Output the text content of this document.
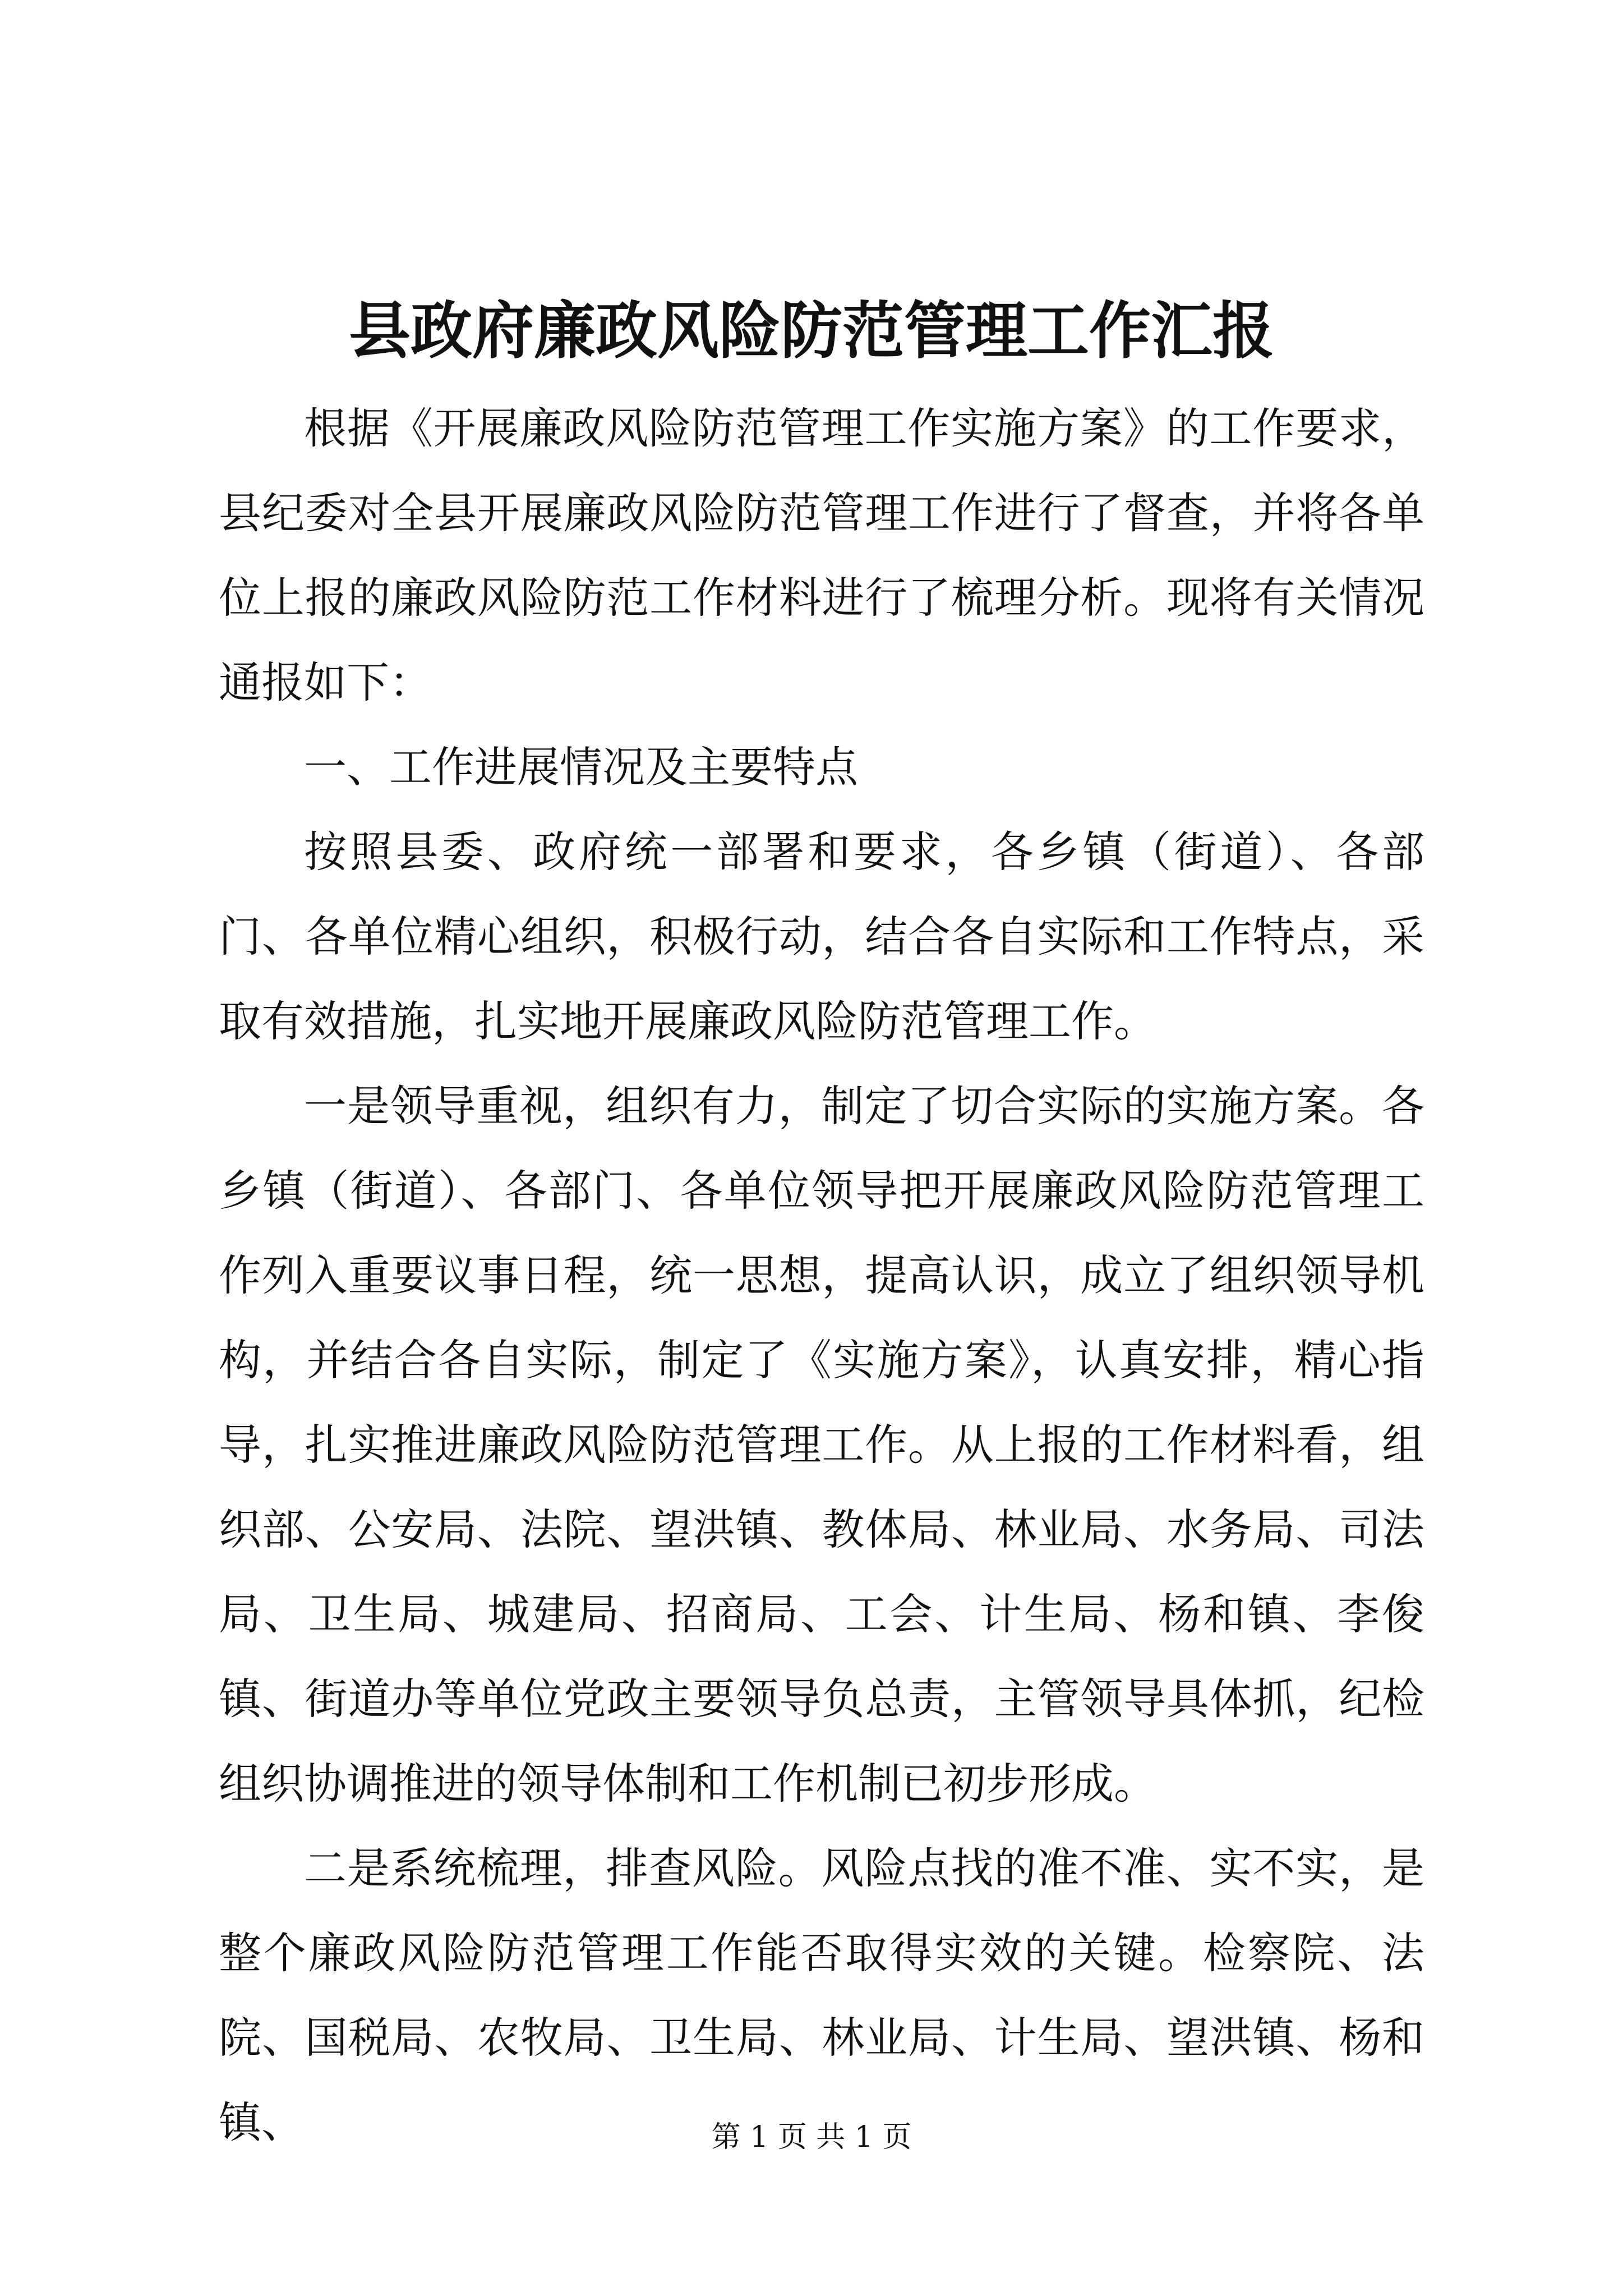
县政府廉政风险防范管理工作汇报

根据《开展廉政风险防范管理工作实施方案》的工作要求，县纪委对全县开展廉政风险防范管理工作进行了督查，并将各单位上报的廉政风险防范工作材料进行了梳理分析。现将有关情况通报如下：

一、工作进展情况及主要特点

按照县委、政府统一部署和要求，各乡镇（街道）、各部门、各单位精心组织，积极行动，结合各自实际和工作特点，采取有效措施，扎实地开展廉政风险防范管理工作。

一是领导重视，组织有力，制定了切合实际的实施方案。各乡镇（街道）、各部门、各单位领导把开展廉政风险防范管理工作列入重要议事日程，统一思想，提高认识，成立了组织领导机构，并结合各自实际，制定了《实施方案》，认真安排，精心指导，扎实推进廉政风险防范管理工作。从上报的工作材料看，组织部、公安局、法院、望洪镇、教体局、林业局、水务局、司法局、卫生局、城建局、招商局、工会、计生局、杨和镇、李俊镇、街道办等单位党政主要领导负总责，主管领导具体抓，纪检组织协调推进的领导体制和工作机制已初步形成。

二是系统梳理，排查风险。风险点找的准不准、实不实，是整个廉政风险防范管理工作能否取得实效的关键。检察院、法院、国税局、农牧局、卫生局、林业局、计生局、望洪镇、杨和镇、	第 1 页 共 1 页
